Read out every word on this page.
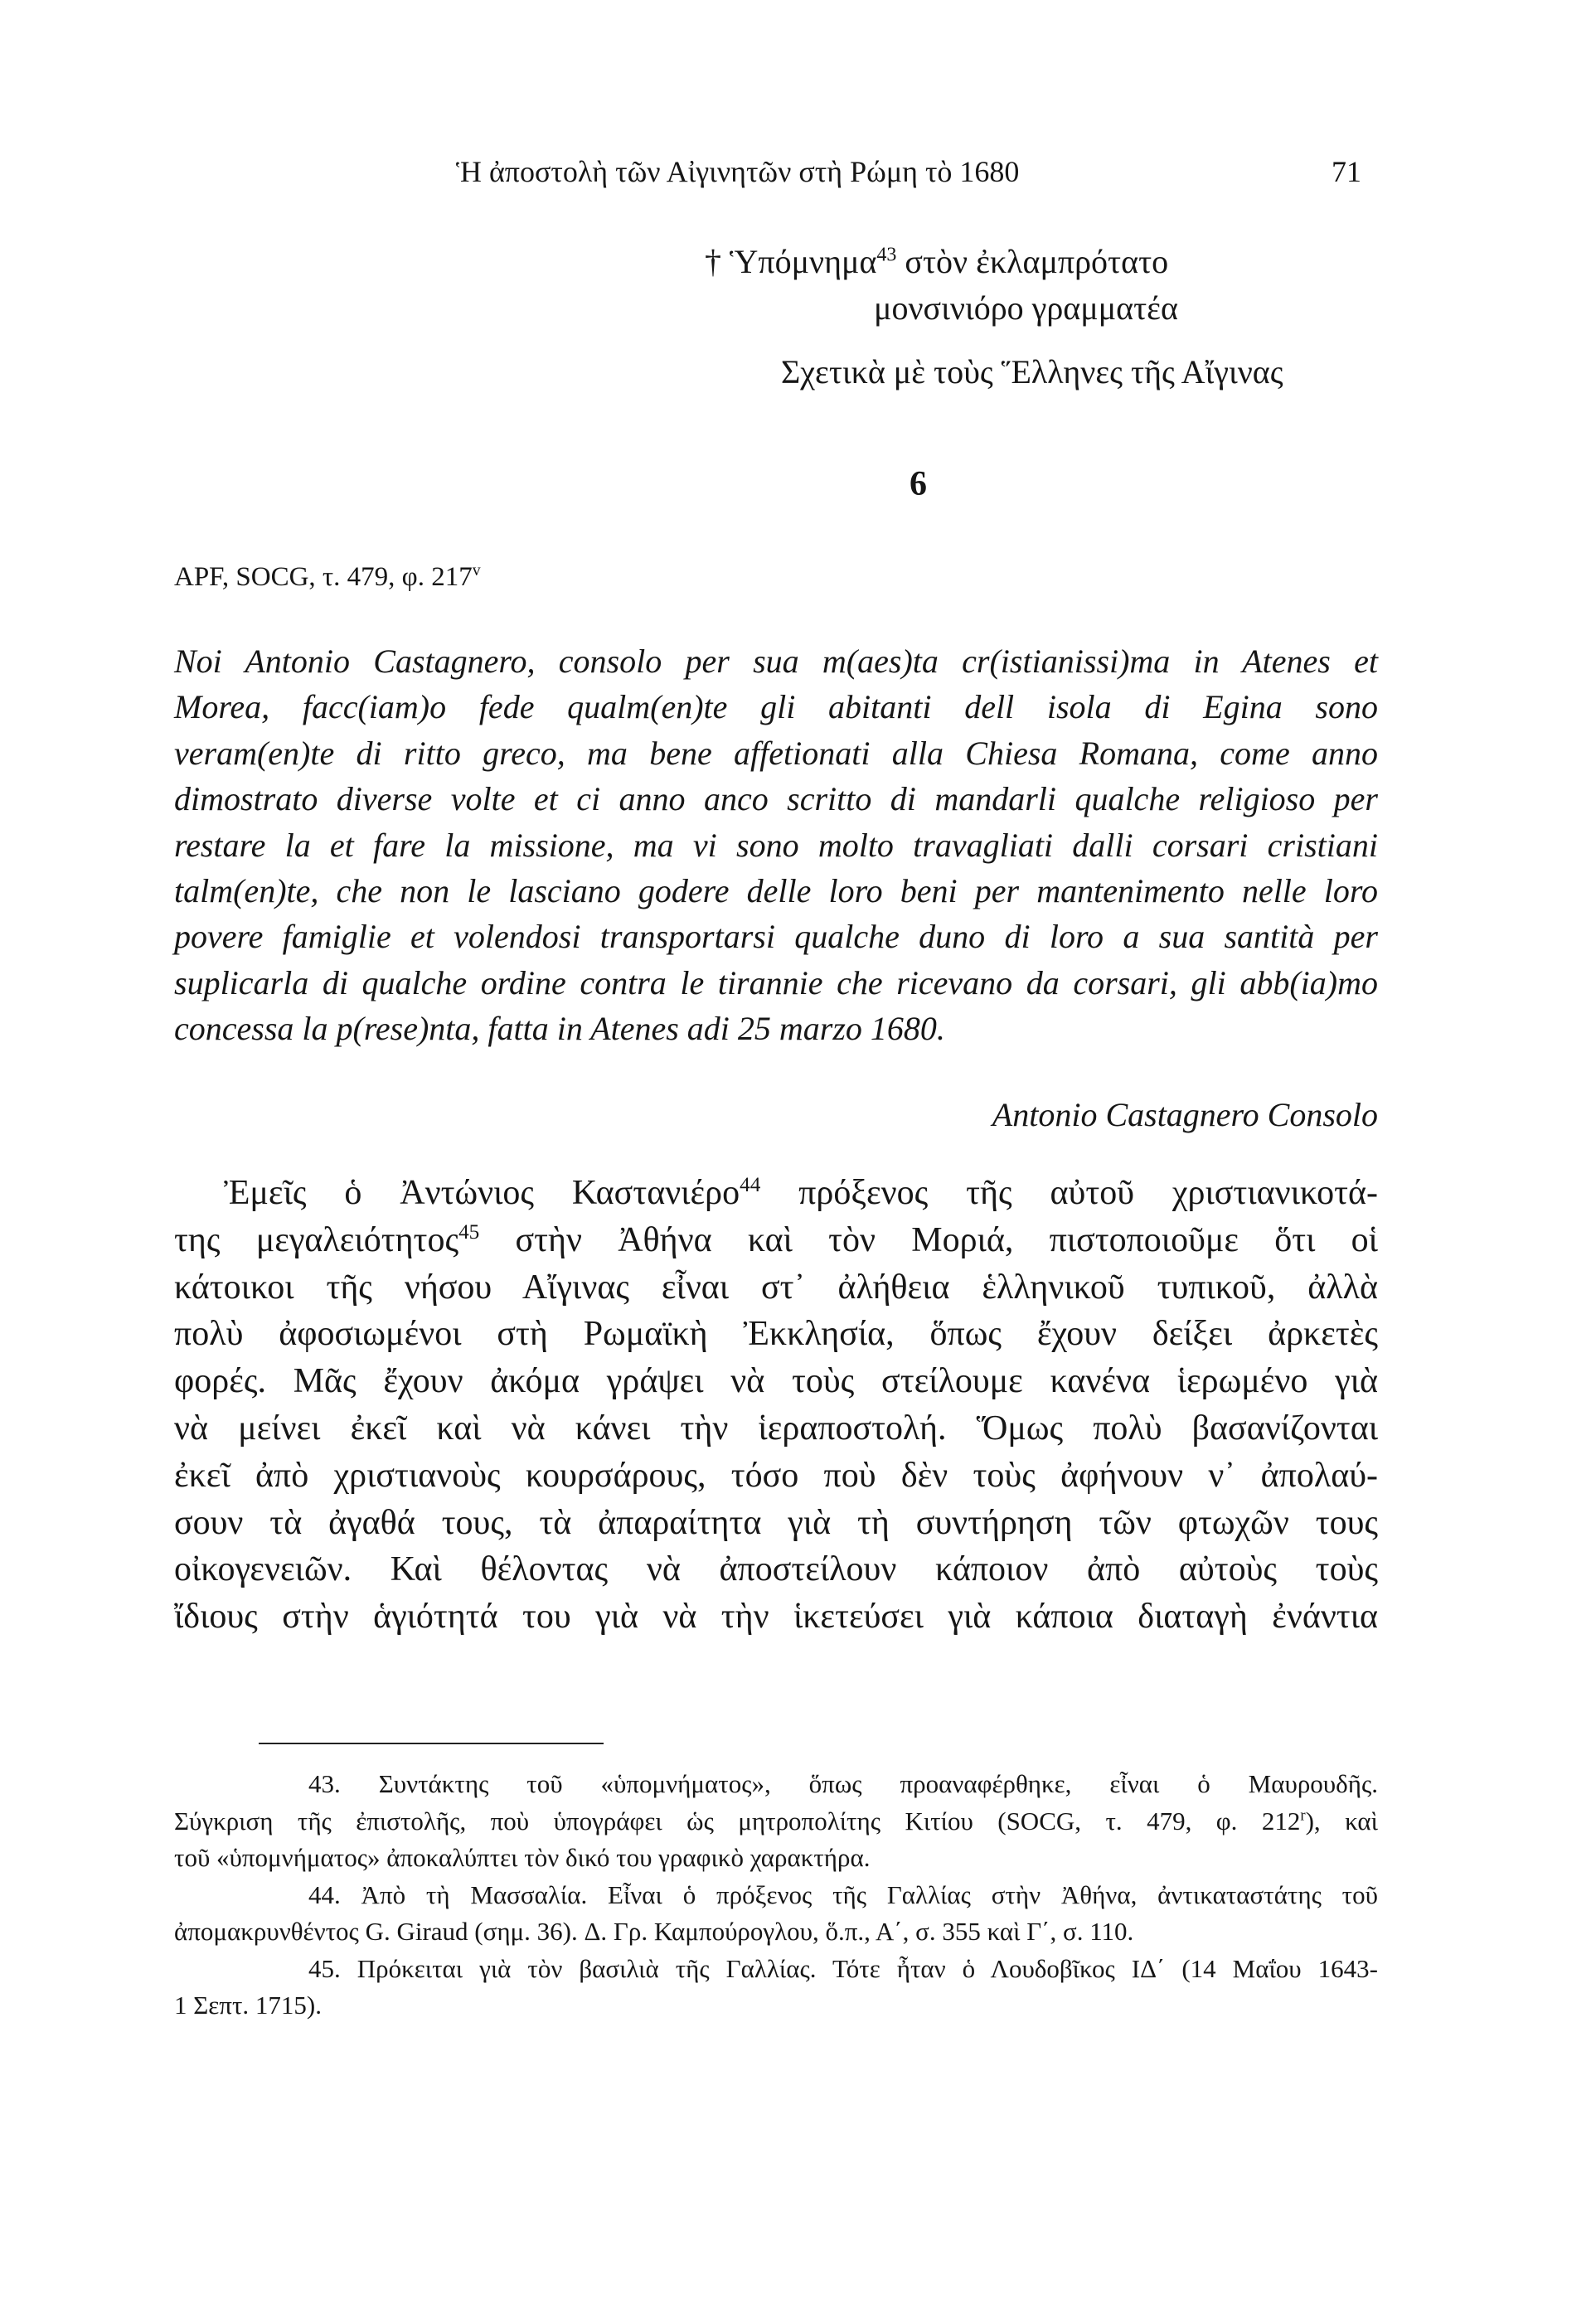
Ἡ ἀποστολὴ τῶν Αἰγινητῶν στὴ Ρώμη τὸ 1680	71
† Ὑπόμνημα$^{43}$ στὸν ἐκλαμπρότατο
μονσινιόρο γραμματέα
Σχετικὰ μὲ τοὺς Ἕλληνες τῆς Αἴγινας
6
APF, SOCG, τ. 479, φ. 217$^v$
Noi Antonio Castagnero, consolo per sua m(aes)ta cr(istianissi)ma in Atenes et
Morea, facc(iam)o fede qualm(en)te gli abitanti dell isola di Egina sono
veram(en)te di ritto greco, ma bene affetionati alla Chiesa Romana, come anno
dimostrato diverse volte et ci anno anco scritto di mandarli qualche religioso per
restare la et fare la missione, ma vi sono molto travagliati dalli corsari cristiani
talm(en)te, che non le lasciano godere delle loro beni per mantenimento nelle loro
povere famiglie et volendosi transportarsi qualche duno di loro a sua santità per
suplicarla di qualche ordine contra le tirannie che ricevano da corsari, gli abb(ia)mo
concessa la p(rese)nta, fatta in Atenes adi 25 marzo 1680.
Antonio Castagnero Consolo
Ἐμεῖς ὁ Ἀντώνιος Καστανιέρο$^{44}$ πρόξενος τῆς αὐτοῦ χριστιανικοτά-
της μεγαλειότητος$^{45}$ στὴν Ἀθήνα καὶ τὸν Μοριά, πιστοποιοῦμε ὅτι οἱ
κάτοικοι τῆς νήσου Αἴγινας εἶναι στ᾽ ἀλήθεια ἑλληνικοῦ τυπικοῦ, ἀλλὰ
πολὺ ἀφοσιωμένοι στὴ Ρωμαϊκὴ Ἐκκλησία, ὅπως ἔχουν δείξει ἀρκετὲς
φορές. Μᾶς ἔχουν ἀκόμα γράψει νὰ τοὺς στείλουμε κανένα ἱερωμένο γιὰ
νὰ μείνει ἐκεῖ καὶ νὰ κάνει τὴν ἱεραποστολή. Ὅμως πολὺ βασανίζονται
ἐκεῖ ἀπὸ χριστιανοὺς κουρσάρους, τόσο ποὺ δὲν τοὺς ἀφήνουν ν᾽ ἀπολαύ-
σουν τὰ ἀγαθά τους, τὰ ἀπαραίτητα γιὰ τὴ συντήρηση τῶν φτωχῶν τους
οἰκογενειῶν. Καὶ θέλοντας νὰ ἀποστείλουν κάποιον ἀπὸ αὐτοὺς τοὺς
ἴδιους στὴν ἁγιότητά του γιὰ νὰ τὴν ἱκετεύσει γιὰ κάποια διαταγὴ ἐνάντια
43. Συντάκτης τοῦ «ὑπομνήματος», ὅπως προαναφέρθηκε, εἶναι ὁ Μαυρουδῆς.
Σύγκριση τῆς ἐπιστολῆς, ποὺ ὑπογράφει ὡς μητροπολίτης Κιτίου (SOCG, τ. 479, φ. 212$^r$), καὶ
τοῦ «ὑπομνήματος» ἀποκαλύπτει τὸν δικό του γραφικὸ χαρακτήρα.
44. Ἀπὸ τὴ Μασσαλία. Εἶναι ὁ πρόξενος τῆς Γαλλίας στὴν Ἀθήνα, ἀντικαταστάτης τοῦ
ἀπομακρυνθέντος G. Giraud (σημ. 36). Δ. Γρ. Καμπούρογλου, ὅ.π., Α΄, σ. 355 καὶ Γ΄, σ. 110.
45. Πρόκειται γιὰ τὸν βασιλιὰ τῆς Γαλλίας. Τότε ἦταν ὁ Λουδοβῖκος ΙΔ΄ (14 Μαΐου 1643-
1 Σεπτ. 1715).
